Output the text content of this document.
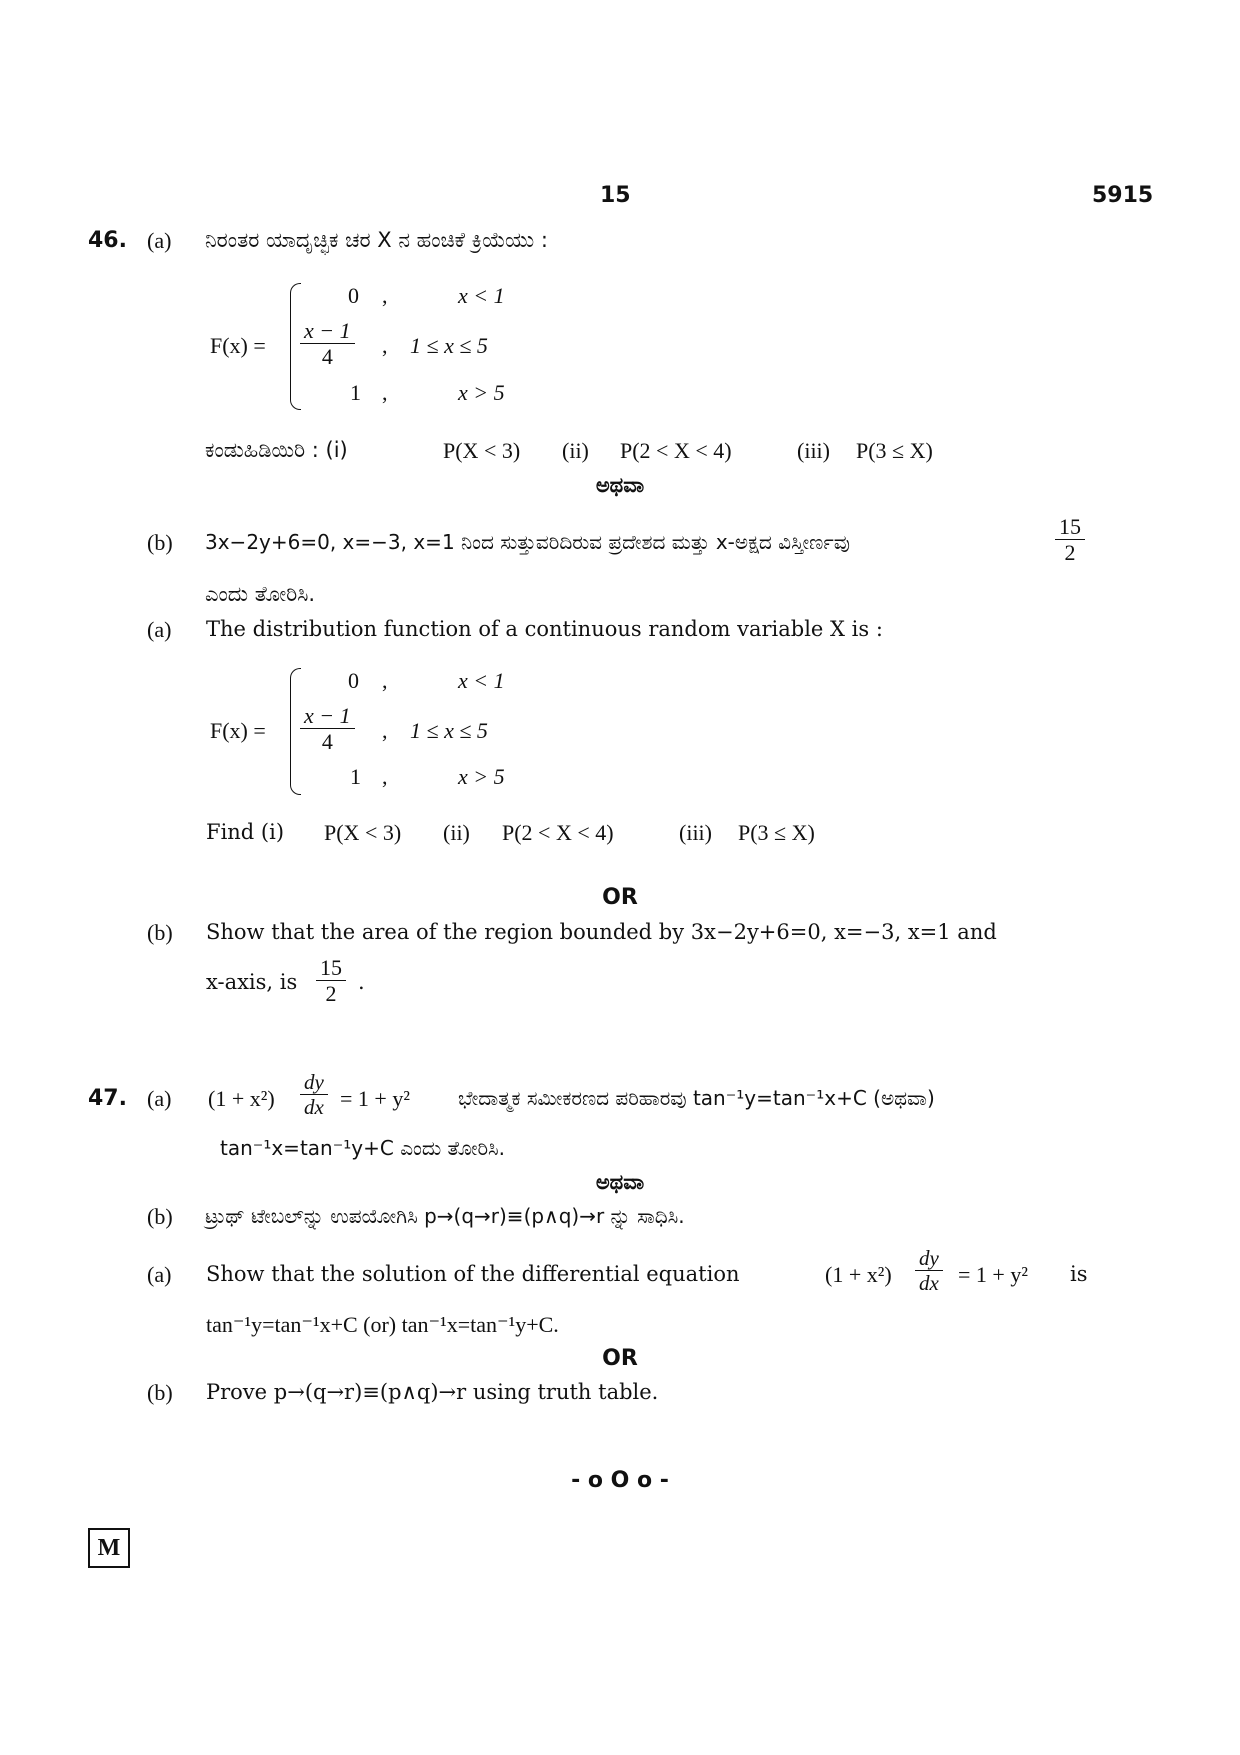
15	5915
46. (a) ನಿರಂತರ ಯಾದೃಚ್ಛಿಕ ಚರ X ನ ಹಂಚಿಕೆ ಕ್ರಿಯೆಯು :
F(x) =
0 ,	x < 1
$\frac{x - 1}{4}$ , 1 ≤ x ≤ 5
1 ,	x > 5
ಕಂಡುಹಿಡಿಯಿರಿ : (i)	P(X < 3) (ii) P(2 < X < 4)	(iii) P(3 ≤ X)
ಅಥವಾ
(b) 3x−2y+6=0, x=−3, x=1 ನಿಂದ ಸುತ್ತುವರಿದಿರುವ ಪ್ರದೇಶದ ಮತ್ತು x-ಅಕ್ಷದ ವಿಸ್ತೀರ್ಣವು	$\frac{15}{2}$
ಎಂದು ತೋರಿಸಿ.
(a) The distribution function of a continuous random variable X is :
F(x) =
0 ,	x < 1
$\frac{x - 1}{4}$ , 1 ≤ x ≤ 5
1 ,	x > 5
Find (i) P(X < 3) (ii) P(2 < X < 4)	(iii) P(3 ≤ X)
OR
(b) Show that the area of the region bounded by 3x−2y+6=0, x=−3, x=1 and
x-axis, is $\frac{15}{2}$ .
47. (a) $(1 + x^2) \frac{dy}{dx} = 1 + y^2$ ಭೇದಾತ್ಮಕ ಸಮೀಕರಣದ ಪರಿಹಾರವು tan⁻¹y=tan⁻¹x+C (ಅಥವಾ)
tan⁻¹x=tan⁻¹y+C ಎಂದು ತೋರಿಸಿ.
ಅಥವಾ
(b) ಟ್ರುಥ್ ಟೇಬಲ್‌ನ್ನು ಉಪಯೋಗಿಸಿ p→(q→r)≡(p∧q)→r ನ್ನು ಸಾಧಿಸಿ.
(a) Show that the solution of the differential equation	$(1 + x^2) \frac{dy}{dx} = 1 + y^2$ is
tan⁻¹y=tan⁻¹x+C (or) tan⁻¹x=tan⁻¹y+C.
OR
(b) Prove p→(q→r)≡(p∧q)→r using truth table.
- o O o -
M
